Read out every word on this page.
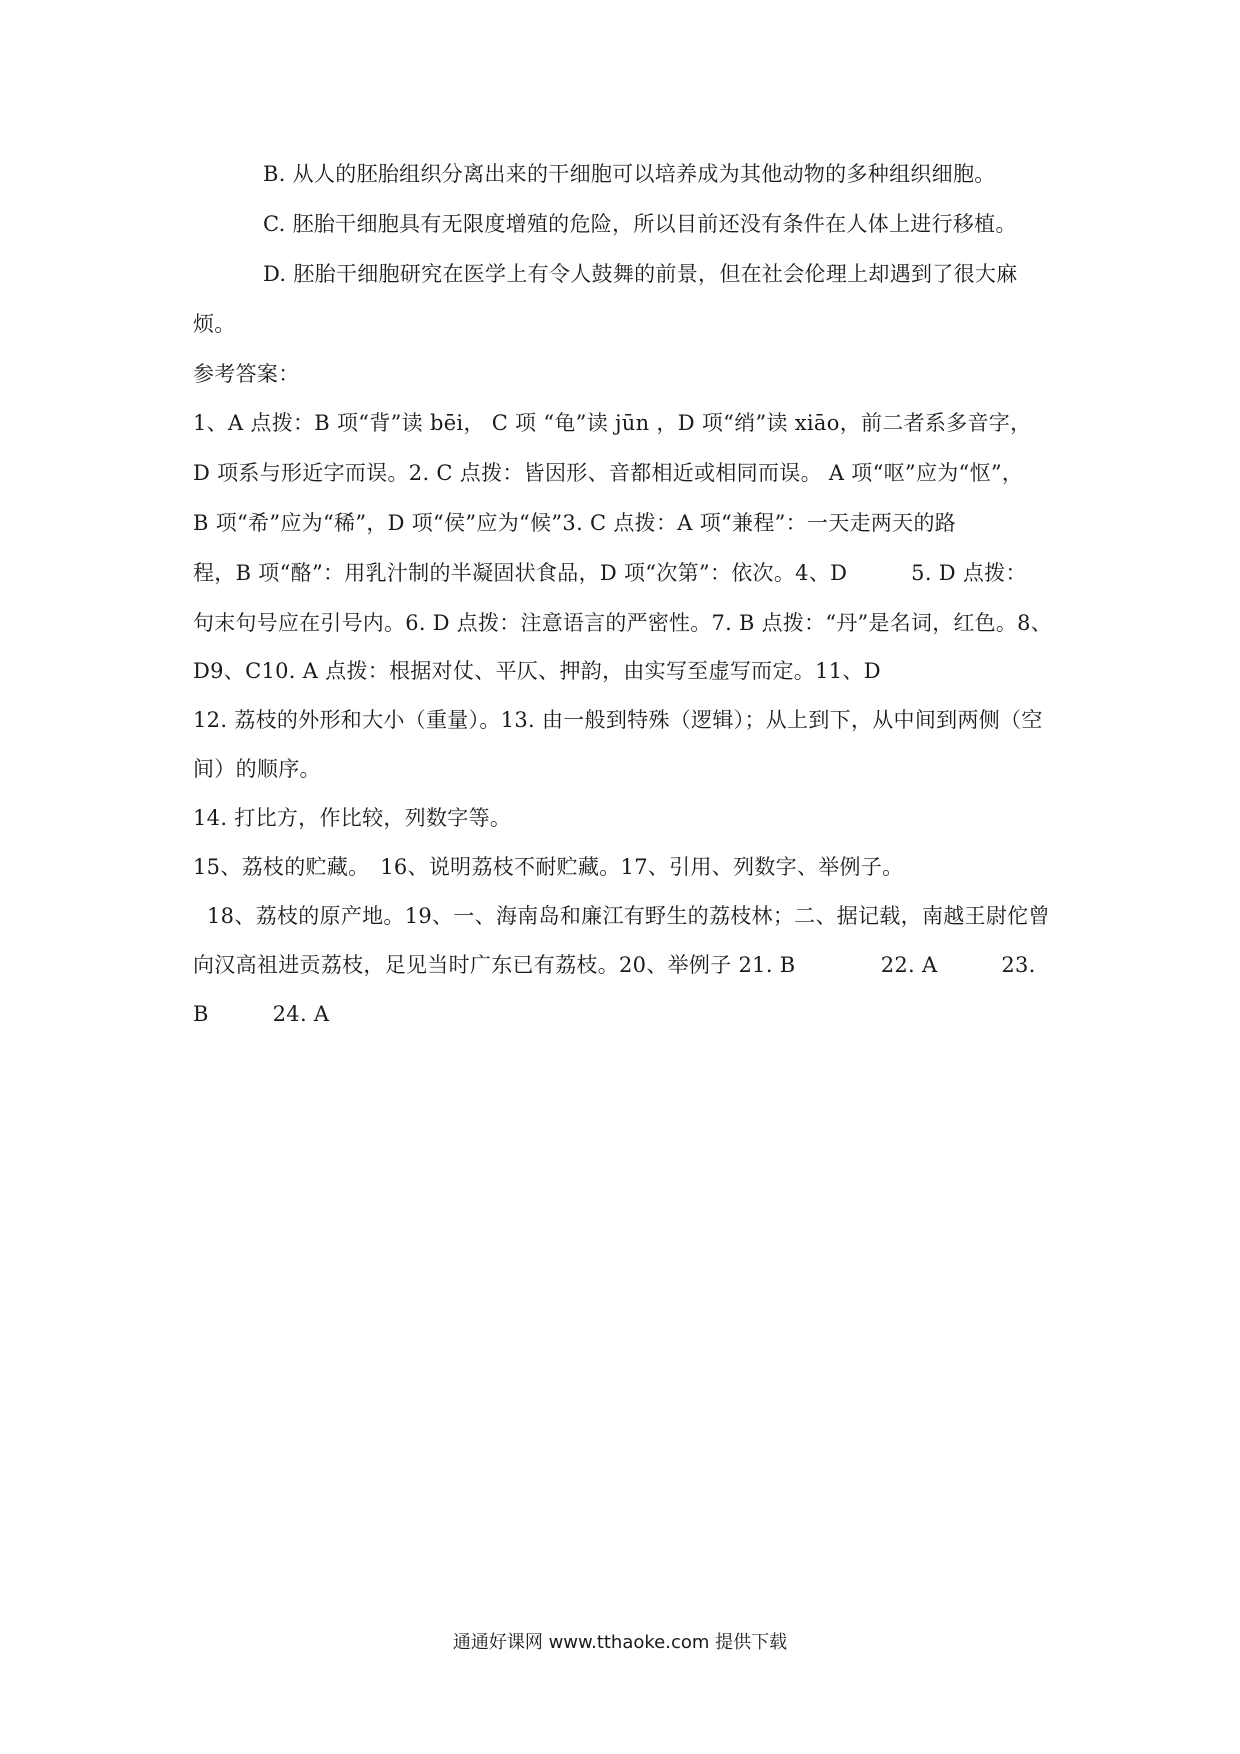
B. 从人的胚胎组织分离出来的干细胞可以培养成为其他动物的多种组织细胞。
C. 胚胎干细胞具有无限度增殖的危险，所以目前还没有条件在人体上进行移植。
D. 胚胎干细胞研究在医学上有令人鼓舞的前景，但在社会伦理上却遇到了很大麻
烦。
参考答案：
1、A 点拨：B 项“背”读 bēi， C 项 “龟”读 jūn ，D 项“绡”读 xiāo，前二者系多音字，
D 项系与形近字而误。2. C 点拨：皆因形、音都相近或相同而误。 A 项“呕”应为“怄”，
B 项“希”应为“稀”，D 项“侯”应为“候”3. C 点拨：A 项“兼程”：一天走两天的路
程，B 项“酪”：用乳汁制的半凝固状食品，D 项“次第”：依次。4、D　　　5. D 点拨：
句末句号应在引号内。6. D 点拨：注意语言的严密性。7. B 点拨：“丹”是名词，红色。8、
D9、C10. A 点拨：根据对仗、平仄、押韵，由实写至虚写而定。11、D
12. 荔枝的外形和大小（重量）。13. 由一般到特殊（逻辑）；从上到下，从中间到两侧（空
间）的顺序。
14. 打比方，作比较，列数字等。
15、荔枝的贮藏。　16、说明荔枝不耐贮藏。17、引用、列数字、举例子。
18、荔枝的原产地。19、一、海南岛和廉江有野生的荔枝林；二、据记载，南越王尉佗曾
向汉高祖进贡荔枝，足见当时广东已有荔枝。20、举例子 21. B　　　　22. A　　　23.
B　　　24. A
通通好课网 www.tthaoke.com 提供下载
